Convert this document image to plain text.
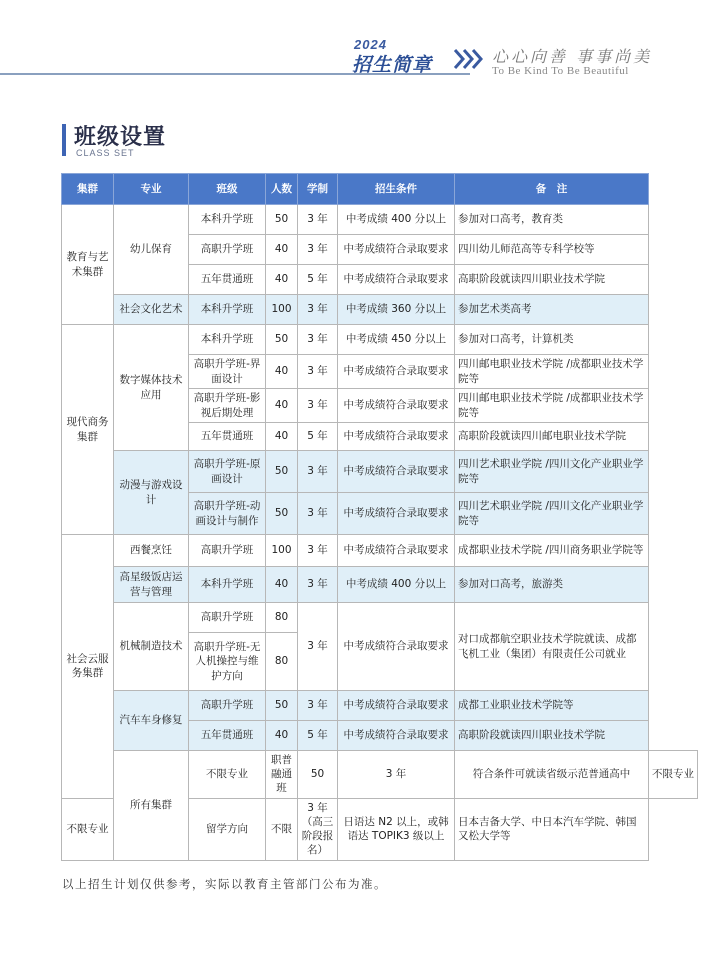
2024
招生简章	心心向善 事事尚美
To Be Kind To Be Beautiful
班级设置
CLASS SET
集群	专业	班级	人数	学制	招生条件	备　注	
教育与艺术集群	幼儿保育	本科升学班	50	3 年	中考成绩 400 分以上	参加对口高考，教育类	
		高职升学班	40	3 年	中考成绩符合录取要求	四川幼儿师范高等专科学校等	
		五年贯通班	40	5 年	中考成绩符合录取要求	高职阶段就读四川职业技术学院	
	社会文化艺术	本科升学班	100	3 年	中考成绩 360 分以上	参加艺术类高考	
现代商务集群	数字媒体技术应用	本科升学班	50	3 年	中考成绩 450 分以上	参加对口高考，计算机类	
		高职升学班-界面设计	40	3 年	中考成绩符合录取要求	四川邮电职业技术学院 /成都职业技术学院等	
		高职升学班-影视后期处理	40	3 年	中考成绩符合录取要求	四川邮电职业技术学院 /成都职业技术学院等	
		五年贯通班	40	5 年	中考成绩符合录取要求	高职阶段就读四川邮电职业技术学院	
	动漫与游戏设计	高职升学班-原画设计	50	3 年	中考成绩符合录取要求	四川艺术职业学院 /四川文化产业职业学院等	
		高职升学班-动画设计与制作	50	3 年	中考成绩符合录取要求	四川艺术职业学院 /四川文化产业职业学院等	
社会云服务集群	西餐烹饪	高职升学班	100	3 年	中考成绩符合录取要求	成都职业技术学院 /四川商务职业学院等	
	高星级饭店运营与管理	本科升学班	40	3 年	中考成绩 400 分以上	参加对口高考，旅游类	
	机械制造技术	高职升学班	80	3 年	中考成绩符合录取要求	对口成都航空职业技术学院就读、成都飞机工业（集团）有限责任公司就业	
		高职升学班-无人机操控与维护方向	80				
	汽车车身修复	高职升学班	50	3 年	中考成绩符合录取要求	成都工业职业技术学院等	
		五年贯通班	40	5 年	中考成绩符合录取要求	高职阶段就读四川职业技术学院	
	所有集群	不限专业	职普融通班	50	3 年	符合条件可就读省级示范普通高中	不限专业
不限专业		留学方向	不限	3 年（高三阶段报名）	日语达 N2 以上，或韩语达 TOPIK3 级以上	日本吉备大学、中日本汽车学院、韩国又松大学等	
以上招生计划仅供参考，实际以教育主管部门公布为准。
